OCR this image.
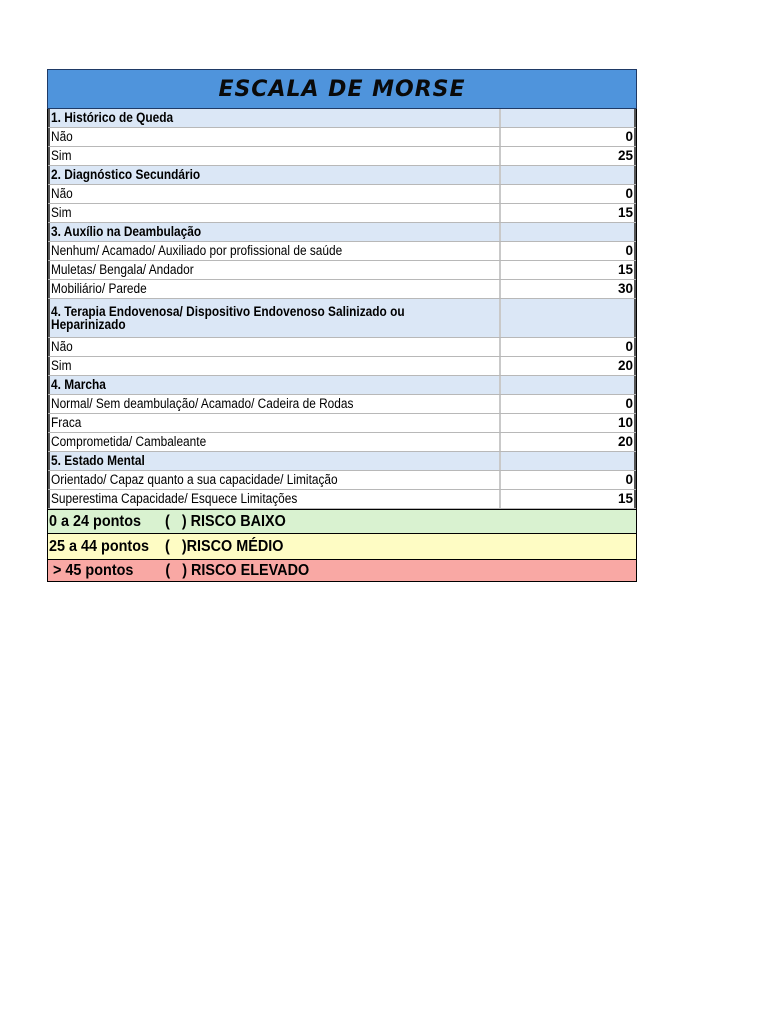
ESCALA DE MORSE
1. Histórico de Queda
Não	0
Sim	25
2. Diagnóstico Secundário
Não	0
Sim	15
3. Auxílio na Deambulação
Nenhum/ Acamado/ Auxiliado por profissional de saúde	0
Muletas/ Bengala/ Andador	15
Mobiliário/ Parede	30
4. Terapia Endovenosa/ Dispositivo Endovenoso Salinizado ou Heparinizado
Não	0
Sim	20
4. Marcha
Normal/ Sem deambulação/ Acamado/ Cadeira de Rodas	0
Fraca	10
Comprometida/ Cambaleante	20
5. Estado Mental
Orientado/ Capaz quanto a sua capacidade/ Limitação	0
Superestima Capacidade/ Esquece Limitações	15
0 a 24 pontos      (   ) RISCO BAIXO
25 a 44 pontos    (   )RISCO MÉDIO
> 45 pontos        (   ) RISCO ELEVADO
